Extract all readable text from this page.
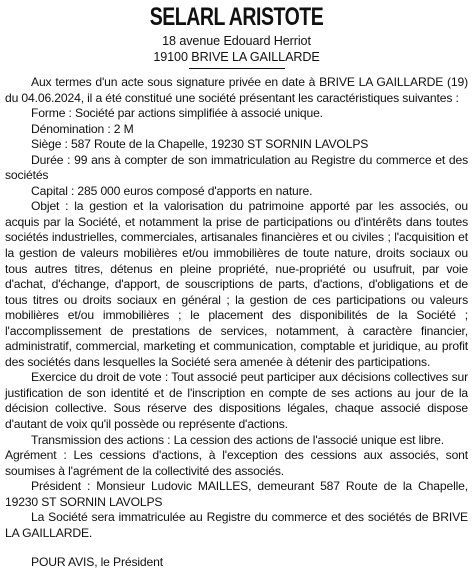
SELARL ARISTOTE
18 avenue Edouard Herriot
19100 BRIVE LA GAILLARDE

Aux termes d'un acte sous signature privée en date à BRIVE LA GAILLARDE (19) du 04.06.2024, il a été constitué une société présentant les caractéristiques suivantes :

Forme : Société par actions simplifiée à associé unique.

Dénomination : 2 M

Siège : 587 Route de la Chapelle, 19230 ST SORNIN LAVOLPS

Durée : 99 ans à compter de son immatriculation au Registre du commerce et des sociétés

Capital : 285 000 euros composé d'apports en nature.

Objet : la gestion et la valorisation du patrimoine apporté par les associés, ou acquis par la Société, et notamment la prise de participations ou d'intérêts dans toutes sociétés industrielles, commerciales, artisanales financières et ou civiles ; l'acquisition et la gestion de valeurs mobilières et/ou immobilières de toute nature, droits sociaux ou tous autres titres, détenus en pleine propriété, nue-propriété ou usufruit, par voie d'achat, d'échange, d'apport, de souscriptions de parts, d'actions, d'obligations et de tous titres ou droits sociaux en général ; la gestion de ces participations ou valeurs mobilières et/ou immobilières ; le placement des disponibilités de la Société ; l'accomplissement de prestations de services, notamment, à caractère financier, administratif, commercial, marketing et communication, comptable et juridique, au profit des sociétés dans lesquelles la Société sera amenée à détenir des participations.

Exercice du droit de vote : Tout associé peut participer aux décisions collectives sur justification de son identité et de l'inscription en compte de ses actions au jour de la décision collective. Sous réserve des dispositions légales, chaque associé dispose d'autant de voix qu'il possède ou représente d'actions.

Transmission des actions : La cession des actions de l'associé unique est libre.

Agrément : Les cessions d'actions, à l'exception des cessions aux associés, sont soumises à l'agrément de la collectivité des associés.

Président : Monsieur Ludovic MAILLES, demeurant 587 Route de la Chapelle, 19230 ST SORNIN LAVOLPS

La Société sera immatriculée au Registre du commerce et des sociétés de BRIVE LA GAILLARDE.

POUR AVIS, le Président
